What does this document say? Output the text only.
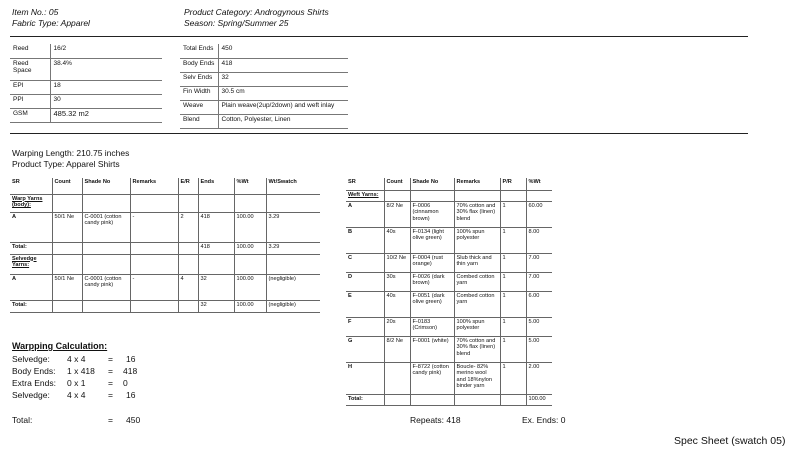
Item No.: 05
Fabric Type: Apparel
Product Category: Androgynous Shirts
Season: Spring/Summer 25
Reed	16/2
Reed Space	38.4%
EPI	18
PPI	30
GSM	485.32 m2
Total Ends	450
Body Ends	418
Selv Ends	32
Fin Width	30.5 cm
Weave	Plain weave(2up/2down) and weft inlay
Blend	Cotton, Polyester, Linen
Warping Length: 210.75 inches
Product Type: Apparel Shirts
SR	Count	Shade No	Remarks	E/R	Ends	%Wt	Wt/Swatch
Warp Yarns (body):							
A	50/1 Ne	C-0001 (cotton candy pink)	-	2	418	100.00	3.29
Total:					418	100.00	3.29
Selvedge Yarns:							
A	50/1 Ne	C-0001 (cotton candy pink)	-	4	32	100.00	(negligible)
Total:					32	100.00	(negligible)
SR	Count	Shade No	Remarks	P/R	%Wt
Weft Yarns:					
A	8/2 Ne	F-0006 (cinnamon brown)	70% cotton and 30% flax (linen) blend	1	60.00
B	40s	F-0134 (light olive green)	100% spun polyester	1	8.00
C	10/2 Ne	F-0004 (rust orange)	Slub thick and thin yarn	1	7.00
D	30s	F-0026 (dark brown)	Combed cotton yarn	1	7.00
E	40s	F-0051 (dark olive green)	Combed cotton yarn	1	6.00
F	20s	F-0183 (Crimson)	100% spun polyester	1	5.00
G	8/2 Ne	F-0001 (white)	70% cotton and 30% flax (linen) blend	1	5.00
H		F-8722 (cotton candy pink)	Boucle- 82% merino wool and 18%nylon binder yarn	1	2.00
Total:					100.00
Warpping Calculation:
Selvedge: 4 x 4	= 16
Body Ends: 1 x 418 = 418
Extra Ends: 0 x 1	= 0
Selvedge: 4 x 4	= 16
Total:	= 450	Repeats: 418	Ex. Ends: 0
Spec Sheet (swatch 05)
